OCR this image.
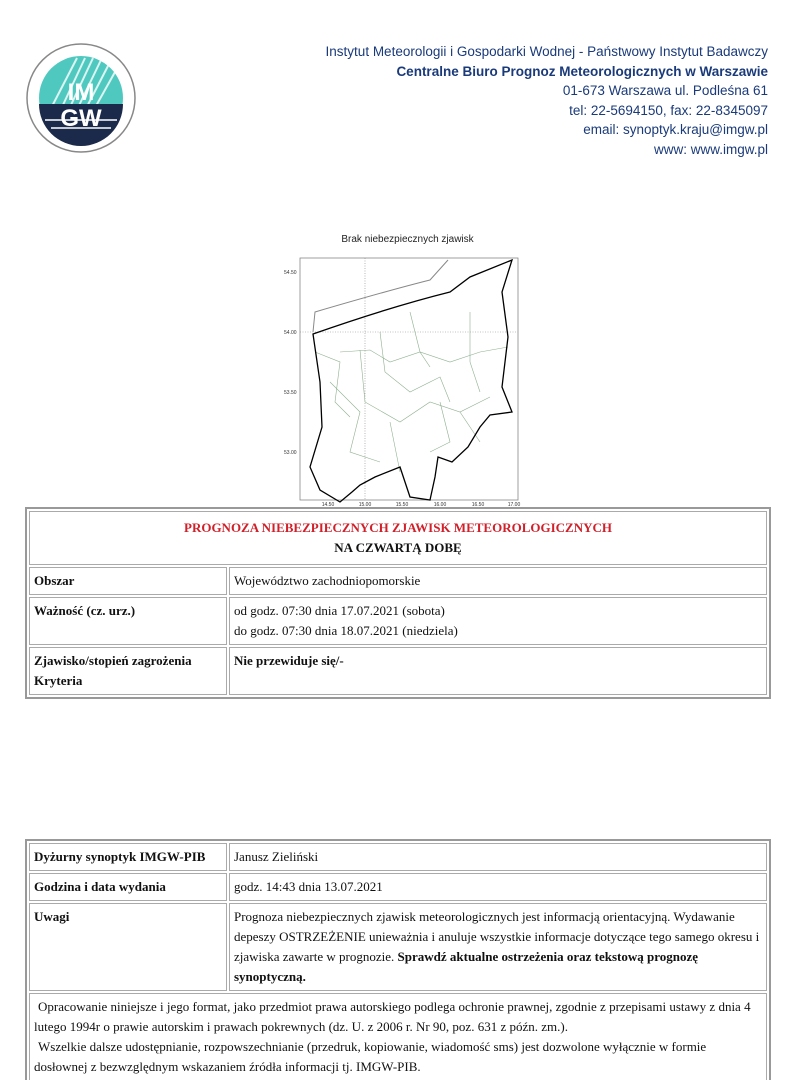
IM
GW
Instytut Meteorologii i Gospodarki Wodnej - Państwowy Instytut Badawczy
Centralne Biuro Prognoz Meteorologicznych w Warszawie
01-673 Warszawa ul. Podleśna 61
tel: 22-5694150, fax: 22-8345097
email: synoptyk.kraju@imgw.pl
www: www.imgw.pl
Brak niebezpiecznych zjawisk
54.50
54.00
53.50
53.00
14.50	15.00	15.50	16.00	16.50	17.00
PROGNOZA NIEBEZPIECZNYCH ZJAWISK METEOROLOGICZNYCH
NA CZWARTĄ DOBĘ	

Obszar	Województwo zachodniopomorskie
Ważność (cz. urz.)	od godz. 07:30 dnia 17.07.2021 (sobota)
do godz. 07:30 dnia 18.07.2021 (niedziela)

Zjawisko/stopień zagrożenia
Kryteria	Nie przewiduje się/-
Dyżurny synoptyk IMGW-PIB	Janusz Zieliński
Godzina i data wydania	godz. 14:43 dnia 13.07.2021
Uwagi	Prognoza niebezpiecznych zjawisk meteorologicznych jest informacją orientacyjną. Wydawanie depeszy OSTRZEŻENIE unieważnia i anuluje wszystkie informacje dotyczące tego samego okresu i zjawiska zawarte w prognozie. Sprawdź aktualne ostrzeżenia oraz tekstową prognozę synoptyczną.

Opracowanie niniejsze i jego format, jako przedmiot prawa autorskiego podlega ochronie prawnej, zgodnie z przepisami ustawy z dnia 4 lutego 1994r o prawie autorskim i prawach pokrewnych (dz. U. z 2006 r. Nr 90, poz. 631 z późn. zm.).
Wszelkie dalsze udostępnianie, rozpowszechnianie (przedruk, kopiowanie, wiadomość sms) jest dozwolone wyłącznie w formie dosłownej z bezwzględnym wskazaniem źródła informacji tj. IMGW-PIB.	
